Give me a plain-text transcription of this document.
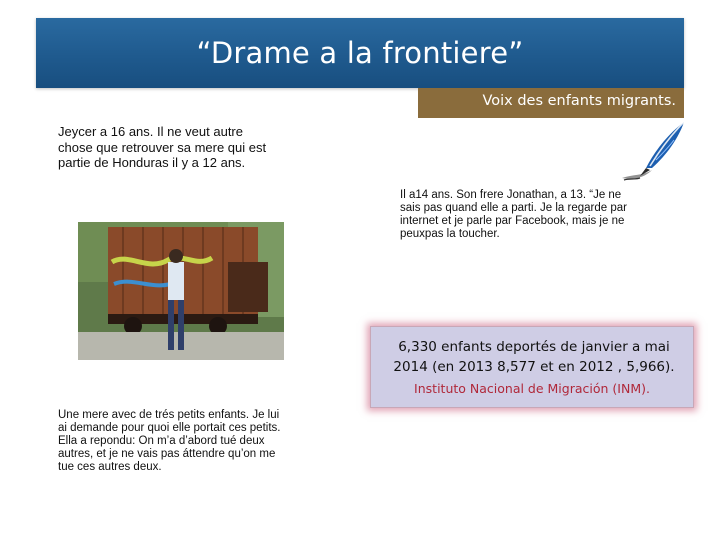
“Drame a la frontiere”
Voix des enfants migrants.
Jeycer a 16 ans. Il ne veut autre
chose que retrouver sa mere qui est
partie de Honduras il y a 12 ans.
Il a14 ans. Son frere Jonathan, a 13. “Je ne
sais pas quand elle a parti. Je la regarde par
internet et je parle par Facebook, mais je ne
peuxpas la toucher.
6,330 enfants deportés de janvier a mai
2014 (en 2013 8,577 et en 2012 , 5,966).
Instituto Nacional de Migración (INM).
Une mere avec de trés petits enfants. Je lui
ai demande pour quoi elle portait ces petits.
Ella a repondu: On m’a d’abord tué deux
autres, et je ne vais pas áttendre qu’on me
tue ces autres deux.
